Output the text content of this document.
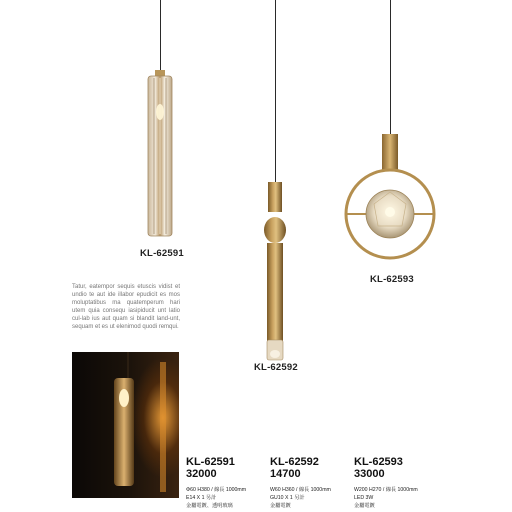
KL-62591
KL-62592
KL-62593
Tatur, eatempor sequis etuscis vidist et undio te aut ide illabor epudicit es mos moluptatibus ma quatemperum hari utem quia consequ iasipiducit unt latio cul-lab ius aut quam si blandit land-unt, sequam et es ut elenimod quodi remqui.
KL-62591
32000
Φ60 H380 / 線長 1000mm
E14 X 1 另計
金屬電鍍、透明玻璃
KL-62592
14700
W60 H360 / 線長 1000mm
GU10 X 1 另計
金屬電鍍
KL-62593
33000
W200 H270 / 線長 1000mm
LED 3W
金屬電鍍
